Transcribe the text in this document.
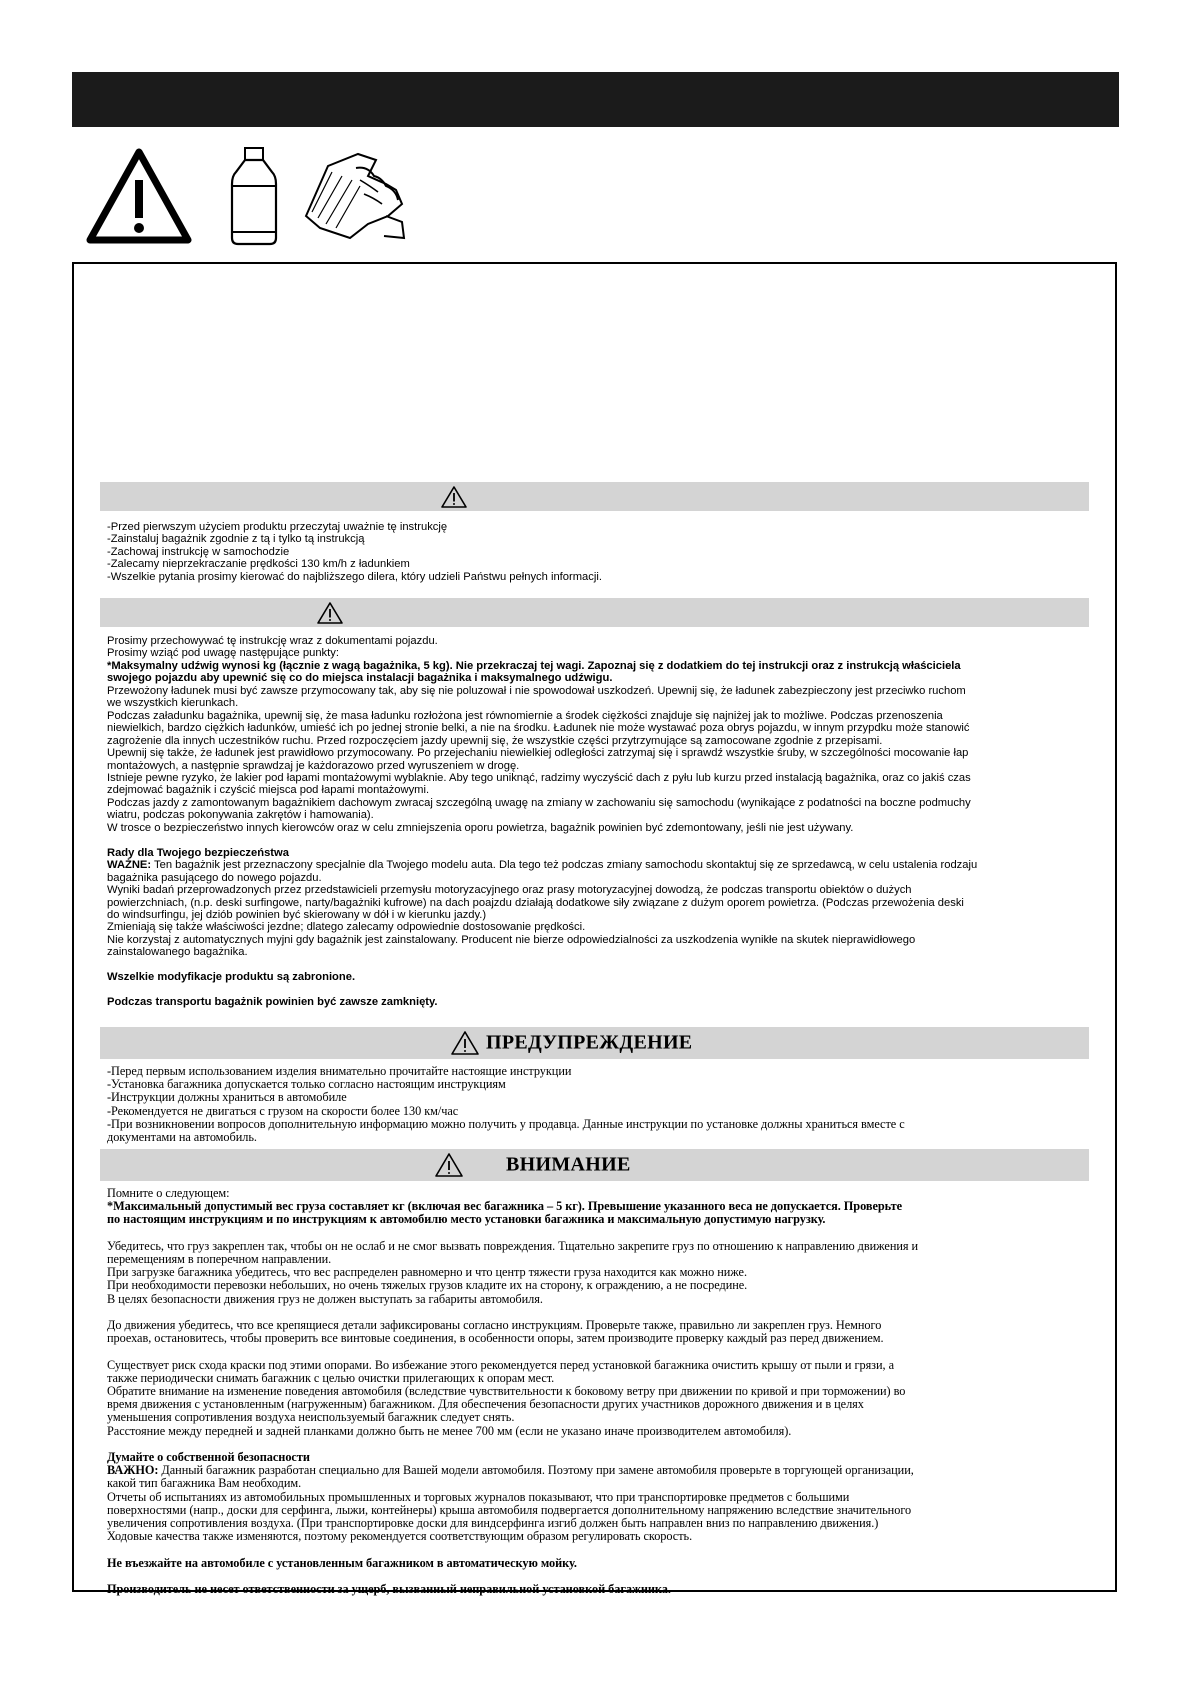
-Przed pierwszym użyciem produktu przeczytaj uważnie tę instrukcję

-Zainstaluj bagażnik zgodnie z tą i tylko tą instrukcją

-Zachowaj instrukcję w samochodzie

-Zalecamy nieprzekraczanie prędkości 130 km/h z ładunkiem

-Wszelkie pytania prosimy kierować do najbliższego dilera, który udzieli Państwu pełnych informacji.

Prosimy przechowywać tę instrukcję wraz z dokumentami pojazdu.

Prosimy wziąć pod uwagę następujące punkty:

*Maksymalny udźwig wynosi kg (łącznie z wagą bagażnika, 5 kg). Nie przekraczaj tej wagi. Zapoznaj się z dodatkiem do tej instrukcji oraz z instrukcją właściciela

swojego pojazdu aby upewnić się co do miejsca instalacji bagażnika i maksymalnego udźwigu.

Przewożony ładunek musi być zawsze przymocowany tak, aby się nie poluzował i nie spowodował uszkodzeń. Upewnij się, że ładunek zabezpieczony jest przeciwko ruchom

we wszystkich kierunkach.

Podczas załadunku bagażnika, upewnij się, że masa ładunku rozłożona jest równomiernie a środek ciężkości znajduje się najniżej jak to możliwe. Podczas przenoszenia

niewielkich, bardzo ciężkich ładunków, umieść ich po jednej stronie belki, a nie na środku. Ładunek nie może wystawać poza obrys pojazdu, w innym przypdku może stanowić

zagrożenie dla innych uczestników ruchu. Przed rozpoczęciem jazdy upewnij się, że wszystkie części przytrzymujące są zamocowane zgodnie z przepisami.

Upewnij się także, że ładunek jest prawidłowo przymocowany. Po przejechaniu niewielkiej odległości zatrzymaj się i sprawdź wszystkie śruby, w szczególności mocowanie łap

montażowych, a następnie sprawdzaj je każdorazowo przed wyruszeniem w drogę.

Istnieje pewne ryzyko, że lakier pod łapami montażowymi wyblaknie. Aby tego uniknąć, radzimy wyczyścić dach z pyłu lub kurzu przed instalacją bagażnika, oraz co jakiś czas

zdejmować bagażnik i czyścić miejsca pod łapami montażowymi.

Podczas jazdy z zamontowanym bagażnikiem dachowym zwracaj szczególną uwagę na zmiany w zachowaniu się samochodu (wynikające z podatności na boczne podmuchy

wiatru, podczas pokonywania zakrętów i hamowania).

W trosce o bezpieczeństwo innych kierowców oraz w celu zmniejszenia oporu powietrza, bagażnik powinien być zdemontowany, jeśli nie jest używany.

Rady dla Twojego bezpieczeństwa

WAŻNE: Ten bagażnik jest przeznaczony specjalnie dla Twojego modelu auta. Dla tego też podczas zmiany samochodu skontaktuj się ze sprzedawcą, w celu ustalenia rodzaju

bagażnika pasującego do nowego pojazdu.

Wyniki badań przeprowadzonych przez przedstawicieli przemysłu motoryzacyjnego oraz prasy motoryzacyjnej dowodzą, że podczas transportu obiektów o dużych

powierzchniach, (n.p. deski surfingowe, narty/bagażniki kufrowe) na dach poajzdu działają dodatkowe siły związane z dużym oporem powietrza. (Podczas przewożenia deski

do windsurfingu, jej dziób powinien być skierowany w dół i w kierunku jazdy.)

Zmieniają się także właściwości jezdne; dlatego zalecamy odpowiednie dostosowanie prędkości.

Nie korzystaj z automatycznych myjni gdy bagażnik jest zainstalowany. Producent nie bierze odpowiedzialności za uszkodzenia wynikłe na skutek nieprawidłowego

zainstalowanego bagażnika.

Wszelkie modyfikacje produktu są zabronione.

Podczas transportu bagażnik powinien być zawsze zamknięty.

ПРЕДУПРЕЖДЕНИЕ

-Перед первым использованием изделия внимательно прочитайте настоящие инструкции

-Установка багажника допускается только согласно настоящим инструкциям

-Инструкции должны храниться в автомобиле

-Рекомендуется не двигаться с грузом на скорости более 130 км/час

-При возникновении вопросов дополнительную информацию можно получить у продавца. Данные инструкции по установке должны храниться вместе с

документами на автомобиль.

ВНИМАНИЕ

Помните о следующем:

*Максимальный допустимый вес груза составляет кг (включая вес багажника – 5 кг). Превышение указанного веса не допускается. Проверьте

по настоящим инструкциям и по инструкциям к автомобилю место установки багажника и максимальную допустимую нагрузку.

Убедитесь, что груз закреплен так, чтобы он не ослаб и не смог вызвать повреждения. Тщательно закрепите груз по отношению к направлению движения и

перемещениям в поперечном направлении.

При загрузке багажника убедитесь, что вес распределен равномерно и что центр тяжести груза находится как можно ниже.

При необходимости перевозки небольших, но очень тяжелых грузов кладите их на сторону, к ограждению, а не посредине.

В целях безопасности движения груз не должен выступать за габариты автомобиля.

До движения убедитесь, что все крепящиеся детали зафиксированы согласно инструкциям. Проверьте также, правильно ли закреплен груз. Немного

проехав, остановитесь, чтобы проверить все винтовые соединения, в особенности опоры, затем производите проверку каждый раз перед движением.

Существует риск схода краски под этими опорами. Во избежание этого рекомендуется перед установкой багажника очистить крышу от пыли и грязи, а

также периодически снимать багажник с целью очистки прилегающих к опорам мест.

Обратите внимание на изменение поведения автомобиля (вследствие чувствительности к боковому ветру при движении по кривой и при торможении) во

время движения с установленным (нагруженным) багажником. Для обеспечения безопасности других участников дорожного движения и в целях

уменьшения сопротивления воздуха неиспользуемый багажник следует снять.

Расстояние между передней и задней планками должно быть не менее 700 мм (если не указано иначе производителем автомобиля).

Думайте о собственной безопасности

ВАЖНО: Данный багажник разработан специально для Вашей модели автомобиля. Поэтому при замене автомобиля проверьте в торгующей организации,

какой тип багажника Вам необходим.

Отчеты об испытаниях из автомобильных промышленных и торговых журналов показывают, что при транспортировке предметов с большими

поверхностями (напр., доски для серфинга, лыжи, контейнеры) крыша автомобиля подвергается дополнительному напряжению вследствие значительного

увеличения сопротивления воздуха. (При транспортировке доски для виндсерфинга изгиб должен быть направлен вниз по направлению движения.)

Ходовые качества также изменяются, поэтому рекомендуется соответствующим образом регулировать скорость.

Не въезжайте на автомобиле с установленным багажником в автоматическую мойку.

Производитель не несет ответственности за ущерб, вызванный неправильной установкой багажника.
